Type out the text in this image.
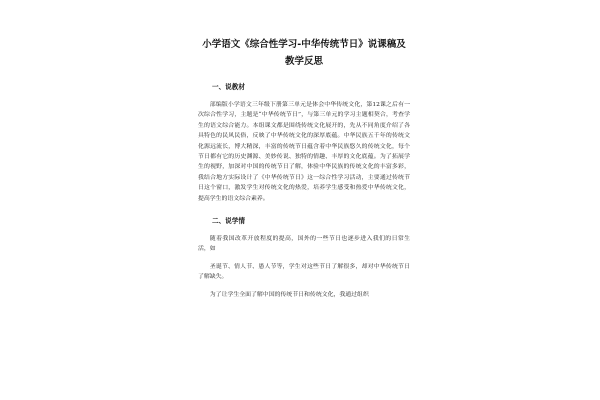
小学语文《综合性学习-中华传统节日》说课稿及教学反思
一、说教材

部编版小学语文三年级下册第三单元是体会中华传统文化，第12课之后有一次综合性学习，主题是“中华传统节日”，与第三单元的学习主题相契合，考查学生的语文综合能力。本组课文都是围绕传统文化展开的，先从不同角度介绍了各具特色的民风民俗，反映了中华传统文化的深厚底蕴。中华民族五千年的传统文化源远流长，博大精深，丰富的传统节日蕴含着中华民族悠久的传统文化，每个节日都有它的历史渊源、美妙传说、独特的情趣、丰厚的文化底蕴。为了拓展学生的视野，加深对中国的传统节日了解，体验中华民族的传统文化的丰富多彩，我结合地方实际设计了《中华传统节日》这一综合性学习活动，主要通过传统节日这个窗口，激发学生对传统文化的热爱，培养学生感受和热爱中华传统文化，提高学生的语文综合素养。

二、说学情

随着我国改革开放程度的提高，国外的一些节日也逐步进入我们的日常生活，如

圣诞节、情人节、愚人节等，学生对这些节日了解很多，却对中华传统节日了解缺失。

为了让学生全面了解中国的传统节日和传统文化，我通过组织
